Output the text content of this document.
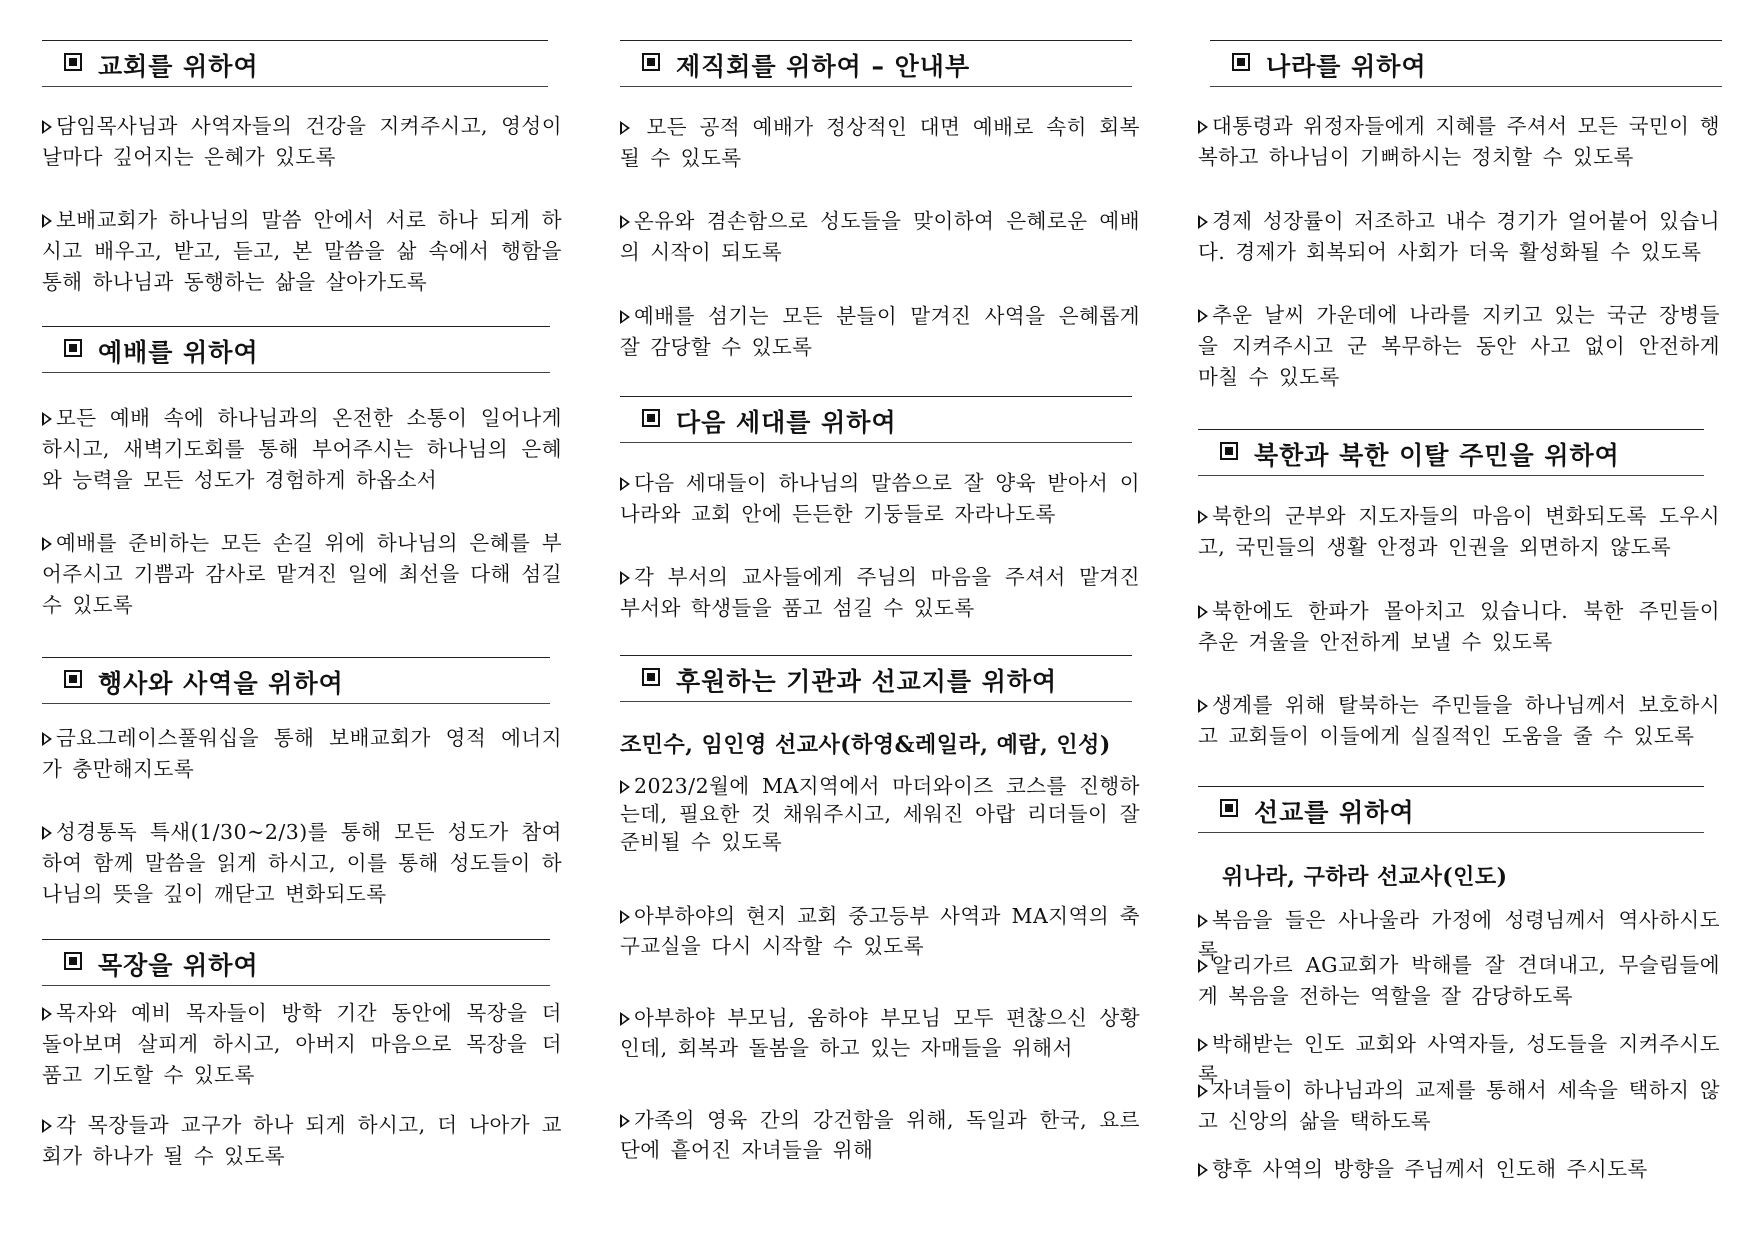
교회를 위하여
담임목사님과 사역자들의 건강을 지켜주시고, 영성이 날마다 깊어지는 은혜가 있도록
보배교회가 하나님의 말씀 안에서 서로 하나 되게 하시고 배우고, 받고, 듣고, 본 말씀을 삶 속에서 행함을 통해 하나님과 동행하는 삶을 살아가도록
예배를 위하여
모든 예배 속에 하나님과의 온전한 소통이 일어나게 하시고, 새벽기도회를 통해 부어주시는 하나님의 은혜와 능력을 모든 성도가 경험하게 하옵소서
예배를 준비하는 모든 손길 위에 하나님의 은혜를 부어주시고 기쁨과 감사로 맡겨진 일에 최선을 다해 섬길 수 있도록
행사와 사역을 위하여
금요그레이스풀워십을 통해 보배교회가 영적 에너지가 충만해지도록
성경통독 특새(1/30~2/3)를 통해 모든 성도가 참여하여 함께 말씀을 읽게 하시고, 이를 통해 성도들이 하나님의 뜻을 깊이 깨닫고 변화되도록
목장을 위하여
목자와 예비 목자들이 방학 기간 동안에 목장을 더 돌아보며 살피게 하시고, 아버지 마음으로 목장을 더 품고 기도할 수 있도록
각 목장들과 교구가 하나 되게 하시고, 더 나아가 교회가 하나가 될 수 있도록
제직회를 위하여 – 안내부
모든 공적 예배가 정상적인 대면 예배로 속히 회복될 수 있도록
온유와 겸손함으로 성도들을 맞이하여 은혜로운 예배의 시작이 되도록
예배를 섬기는 모든 분들이 맡겨진 사역을 은혜롭게 잘 감당할 수 있도록
다음 세대를 위하여
다음 세대들이 하나님의 말씀으로 잘 양육 받아서 이 나라와 교회 안에 든든한 기둥들로 자라나도록
각 부서의 교사들에게 주님의 마음을 주셔서 맡겨진 부서와 학생들을 품고 섬길 수 있도록
후원하는 기관과 선교지를 위하여
조민수, 임인영 선교사(하영&레일라, 예람, 인성)
2023/2월에 MA지역에서 마더와이즈 코스를 진행하는데, 필요한 것 채워주시고, 세워진 아랍 리더들이 잘 준비될 수 있도록
아부하야의 현지 교회 중고등부 사역과 MA지역의 축구교실을 다시 시작할 수 있도록
아부하야 부모님, 움하야 부모님 모두 편찮으신 상황인데, 회복과 돌봄을 하고 있는 자매들을 위해서
가족의 영육 간의 강건함을 위해, 독일과 한국, 요르단에 흩어진 자녀들을 위해
나라를 위하여
대통령과 위정자들에게 지혜를 주셔서 모든 국민이 행복하고 하나님이 기뻐하시는 정치할 수 있도록
경제 성장률이 저조하고 내수 경기가 얼어붙어 있습니다. 경제가 회복되어 사회가 더욱 활성화될 수 있도록
추운 날씨 가운데에 나라를 지키고 있는 국군 장병들을 지켜주시고 군 복무하는 동안 사고 없이 안전하게 마칠 수 있도록
북한과 북한 이탈 주민을 위하여
북한의 군부와 지도자들의 마음이 변화되도록 도우시고, 국민들의 생활 안정과 인권을 외면하지 않도록
북한에도 한파가 몰아치고 있습니다. 북한 주민들이 추운 겨울을 안전하게 보낼 수 있도록
생계를 위해 탈북하는 주민들을 하나님께서 보호하시고 교회들이 이들에게 실질적인 도움을 줄 수 있도록
선교를 위하여
위나라, 구하라 선교사(인도)
복음을 들은 사나울라 가정에 성령님께서 역사하시도록
알리가르 AG교회가 박해를 잘 견뎌내고, 무슬림들에게 복음을 전하는 역할을 잘 감당하도록
박해받는 인도 교회와 사역자들, 성도들을 지켜주시도록
자녀들이 하나님과의 교제를 통해서 세속을 택하지 않고 신앙의 삶을 택하도록
향후 사역의 방향을 주님께서 인도해 주시도록
